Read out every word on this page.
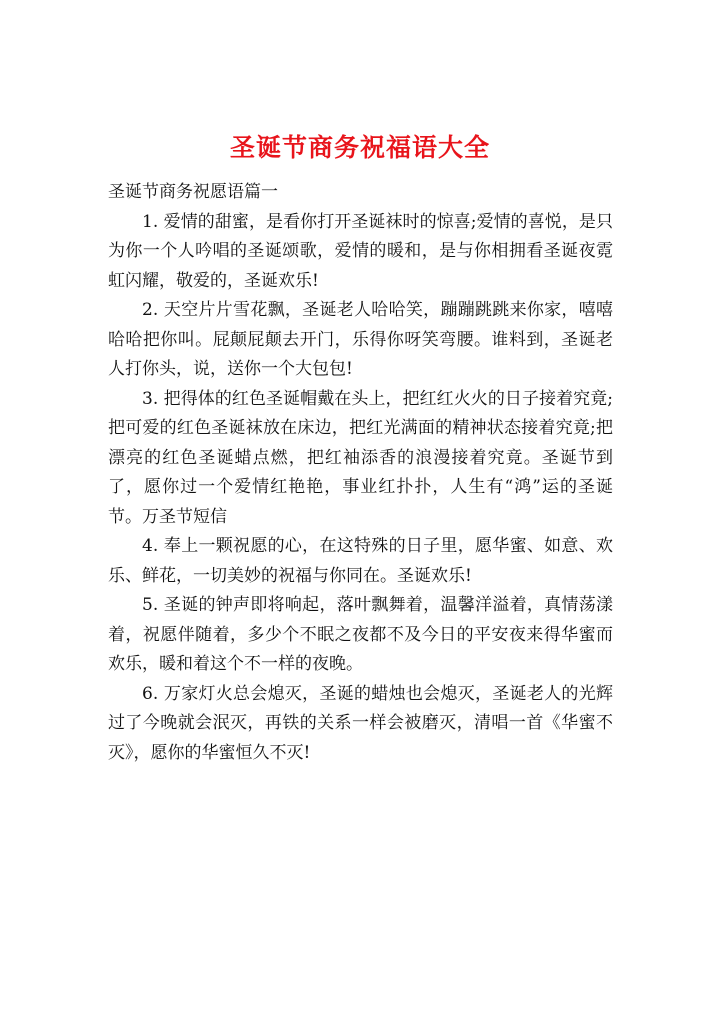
圣诞节商务祝福语大全

圣诞节商务祝愿语篇一

1. 爱情的甜蜜，是看你打开圣诞袜时的惊喜;爱情的喜悦，是只为你一个人吟唱的圣诞颂歌，爱情的暖和，是与你相拥看圣诞夜霓虹闪耀，敬爱的，圣诞欢乐!

2. 天空片片雪花飘，圣诞老人哈哈笑，蹦蹦跳跳来你家，嘻嘻哈哈把你叫。屁颠屁颠去开门，乐得你呀笑弯腰。谁料到，圣诞老人打你头，说，送你一个大包包!

3. 把得体的红色圣诞帽戴在头上，把红红火火的日子接着究竟;把可爱的红色圣诞袜放在床边，把红光满面的精神状态接着究竟;把漂亮的红色圣诞蜡点燃，把红袖添香的浪漫接着究竟。圣诞节到了，愿你过一个爱情红艳艳，事业红扑扑，人生有“鸿”运的圣诞节。万圣节短信

4. 奉上一颗祝愿的心，在这特殊的日子里，愿华蜜、如意、欢乐、鲜花，一切美妙的祝福与你同在。圣诞欢乐!

5. 圣诞的钟声即将响起，落叶飘舞着，温馨洋溢着，真情荡漾着，祝愿伴随着，多少个不眠之夜都不及今日的平安夜来得华蜜而欢乐，暖和着这个不一样的夜晚。

6. 万家灯火总会熄灭，圣诞的蜡烛也会熄灭，圣诞老人的光辉过了今晚就会泯灭，再铁的关系一样会被磨灭，清唱一首《华蜜不灭》，愿你的华蜜恒久不灭!
